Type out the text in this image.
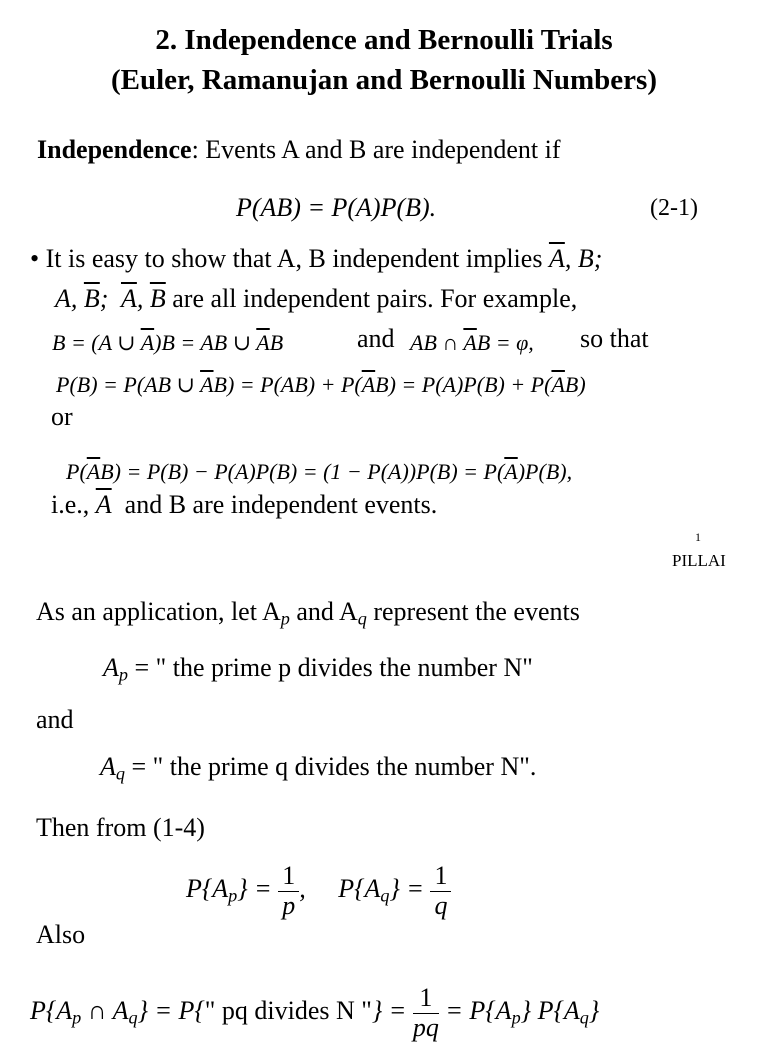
2. Independence and Bernoulli Trials
(Euler, Ramanujan and Bernoulli Numbers)
Independence: Events A and B are independent if
P(AB) = P(A)P(B).	(2-1)
• It is easy to show that A, B independent implies $\overline{A}$, B;
A, $\overline{B}$;  $\overline{A}$, $\overline{B}$ are all independent pairs. For example,
B = (A ∪ $\overline{A})B$ = AB ∪ $\overline{A}B$	and AB ∩ $\overline{A}B = \varphi$, so that
P(B) = P(AB ∪ $\overline{A}B) = P(AB) + P(\overline{A}B) = P(A)P(B) + P(\overline{A}B)$
or
$P(\overline{A}B) = P(B) - P(A)P(B) = (1 - P(A))P(B) = P(\overline{A})P(B)$,
i.e., $\overline{A}$ and B are independent events.
1
PILLAI
As an application, let $A_p$ and $A_q$ represent the events
$A_p$ = " the prime p divides the number N"
and
$A_q$ = " the prime q divides the number N".
Then from (1-4)
$P\{A_p\} = \frac{1}{p}$ ,     $P\{A_q\} = \frac{1}{q}$
Also
$P\{A_p$ ∩ $A_q\} = P${" pq divides N "} = $\frac{1}{pq} = P\{A_p\}$ $P\{A_q\}$
